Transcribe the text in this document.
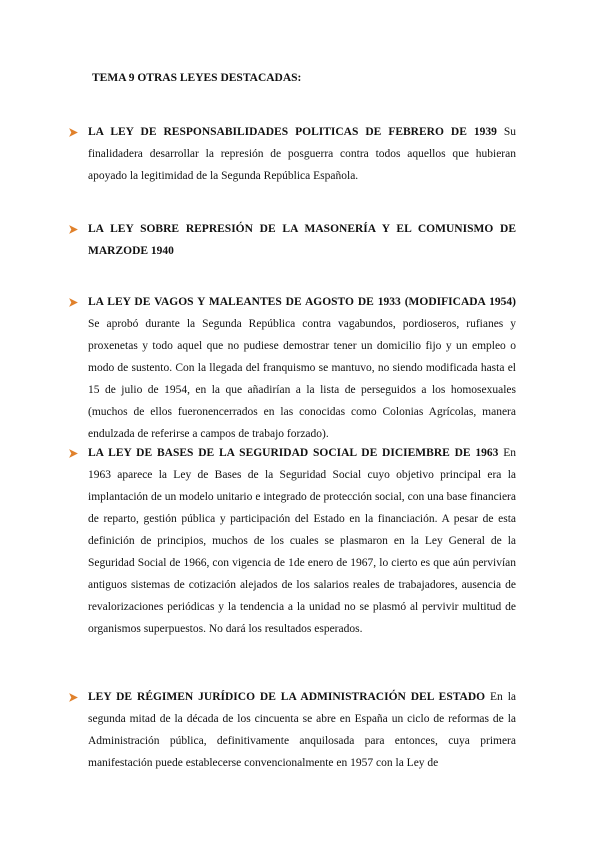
TEMA 9 OTRAS LEYES DESTACADAS:
LA LEY DE RESPONSABILIDADES POLITICAS DE FEBRERO DE 1939 Su finalidadera desarrollar la represión de posguerra contra todos aquellos que hubieran apoyado la legitimidad de la Segunda República Española.
LA LEY SOBRE REPRESIÓN DE LA MASONERÍA Y EL COMUNISMO DE MARZODE 1940
LA LEY DE VAGOS Y MALEANTES DE AGOSTO DE 1933 (MODIFICADA 1954) Se aprobó durante la Segunda República contra vagabundos, pordioseros, rufianes y proxenetas y todo aquel que no pudiese demostrar tener un domicilio fijo y un empleo o modo de sustento. Con la llegada del franquismo se mantuvo, no siendo modificada hasta el 15 de julio de 1954, en la que añadirían a la lista de perseguidos a los homosexuales (muchos de ellos fueronencerrados en las conocidas como Colonias Agrícolas, manera endulzada de referirse a campos de trabajo forzado).
LA LEY DE BASES DE LA SEGURIDAD SOCIAL DE DICIEMBRE DE 1963 En 1963 aparece la Ley de Bases de la Seguridad Social cuyo objetivo principal era la implantación de un modelo unitario e integrado de protección social, con una base financiera de reparto, gestión pública y participación del Estado en la financiación. A pesar de esta definición de principios, muchos de los cuales se plasmaron en la Ley General de la Seguridad Social de 1966, con vigencia de 1de enero de 1967, lo cierto es que aún pervivían antiguos sistemas de cotización alejados de los salarios reales de trabajadores, ausencia de revalorizaciones periódicas y la tendencia a la unidad no se plasmó al pervivir multitud de organismos superpuestos. No dará los resultados esperados.
LEY DE RÉGIMEN JURÍDICO DE LA ADMINISTRACIÓN DEL ESTADO En la segunda mitad de la década de los cincuenta se abre en España un ciclo de reformas de la Administración pública, definitivamente anquilosada para entonces, cuya primera manifestación puede establecerse convencionalmente en 1957 con la Ley de
